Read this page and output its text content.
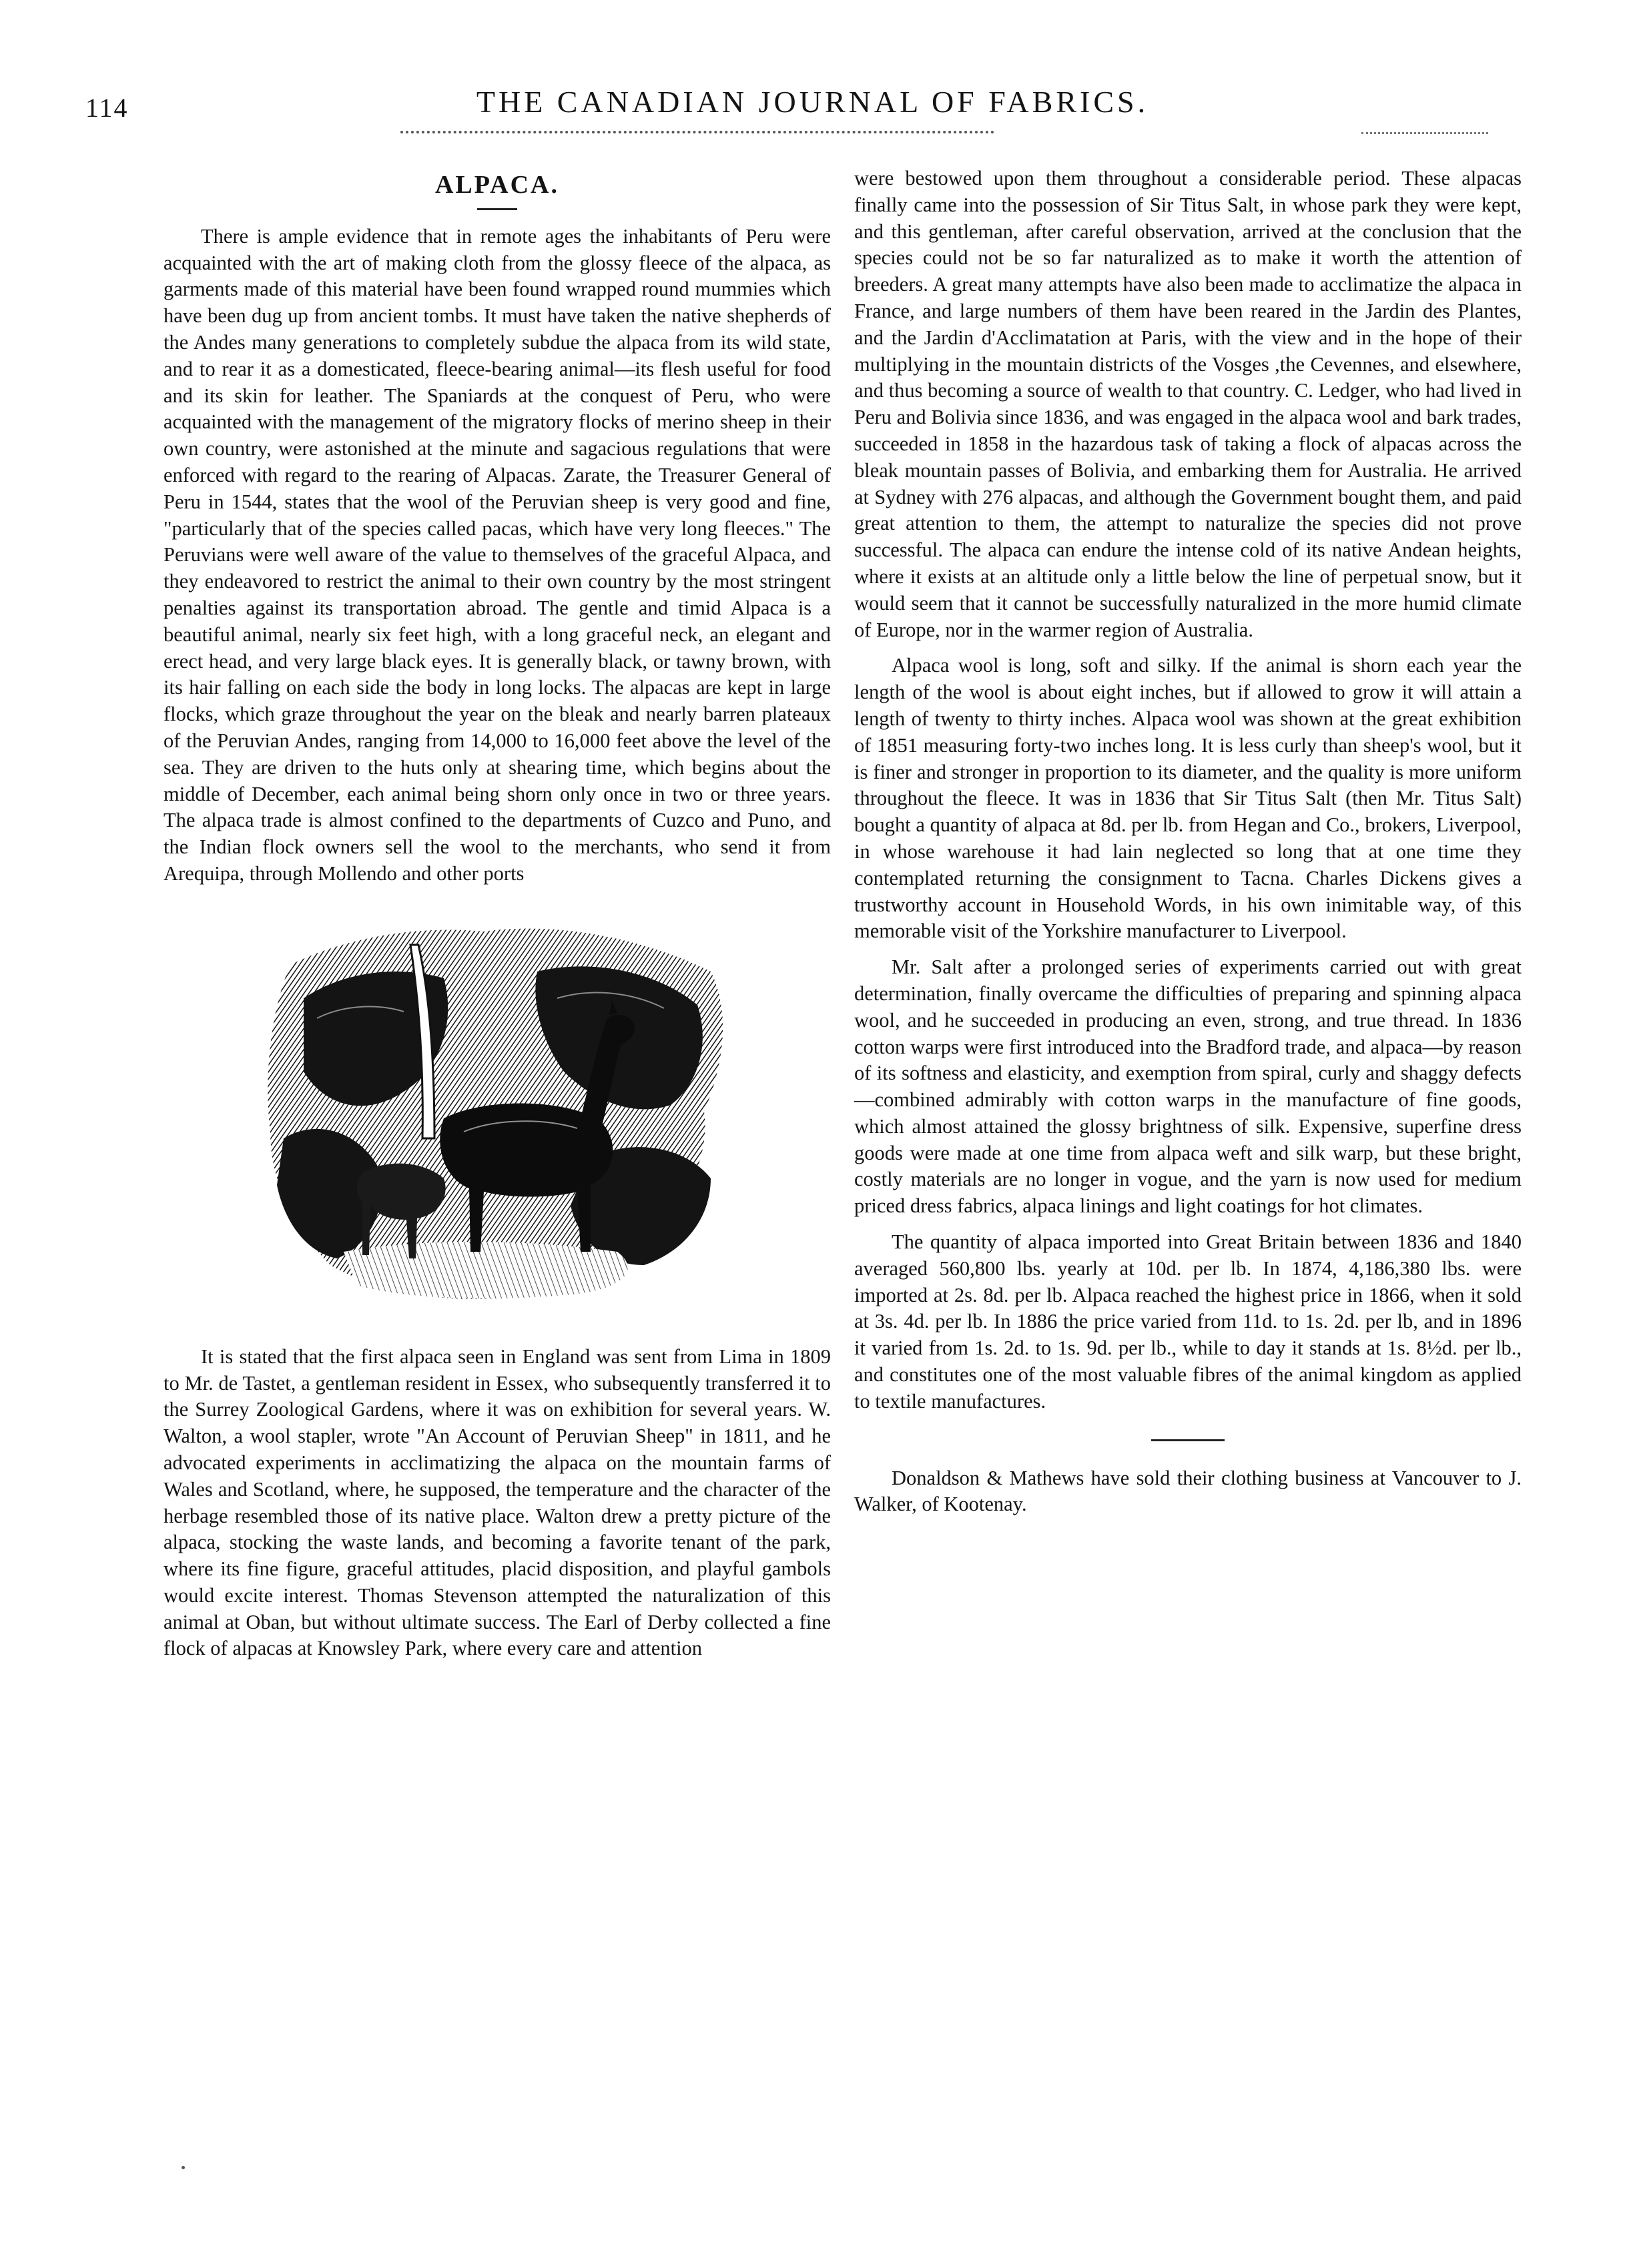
114	THE CANADIAN JOURNAL OF FABRICS.
ALPACA.

There is ample evidence that in remote ages the inhabitants of Peru were acquainted with the art of making cloth from the glossy fleece of the alpaca, as garments made of this material have been found wrapped round mummies which have been dug up from ancient tombs. It must have taken the native shepherds of the Andes many generations to completely subdue the alpaca from its wild state, and to rear it as a domesticated, fleece-bearing animal—its flesh useful for food and its skin for leather. The Spaniards at the conquest of Peru, who were acquainted with the management of the migratory flocks of merino sheep in their own country, were astonished at the minute and sagacious regulations that were enforced with regard to the rearing of Alpacas. Zarate, the Treasurer General of Peru in 1544, states that the wool of the Peruvian sheep is very good and fine, "particularly that of the species called pacas, which have very long fleeces." The Peruvians were well aware of the value to themselves of the graceful Alpaca, and they endeavored to restrict the animal to their own country by the most stringent penalties against its transportation abroad. The gentle and timid Alpaca is a beautiful animal, nearly six feet high, with a long graceful neck, an elegant and erect head, and very large black eyes. It is generally black, or tawny brown, with its hair falling on each side the body in long locks. The alpacas are kept in large flocks, which graze throughout the year on the bleak and nearly barren plateaux of the Peruvian Andes, ranging from 14,000 to 16,000 feet above the level of the sea. They are driven to the huts only at shearing time, which begins about the middle of December, each animal being shorn only once in two or three years. The alpaca trade is almost confined to the departments of Cuzco and Puno, and the Indian flock owners sell the wool to the merchants, who send it from Arequipa, through Mollendo and other ports

It is stated that the first alpaca seen in England was sent from Lima in 1809 to Mr. de Tastet, a gentleman resident in Essex, who subsequently transferred it to the Surrey Zoological Gardens, where it was on exhibition for several years. W. Walton, a wool stapler, wrote "An Account of Peruvian Sheep" in 1811, and he advocated experiments in acclimatizing the alpaca on the mountain farms of Wales and Scotland, where, he supposed, the temperature and the character of the herbage resembled those of its native place. Walton drew a pretty picture of the alpaca, stocking the waste lands, and becoming a favorite tenant of the park, where its fine figure, graceful attitudes, placid disposition, and playful gambols would excite interest. Thomas Stevenson attempted the naturalization of this animal at Oban, but without ultimate success. The Earl of Derby collected a fine flock of alpacas at Knowsley Park, where every care and attention

were bestowed upon them throughout a considerable period. These alpacas finally came into the possession of Sir Titus Salt, in whose park they were kept, and this gentleman, after careful observation, arrived at the conclusion that the species could not be so far naturalized as to make it worth the attention of breeders. A great many attempts have also been made to acclimatize the alpaca in France, and large numbers of them have been reared in the Jardin des Plantes, and the Jardin d'Acclimatation at Paris, with the view and in the hope of their multiplying in the mountain districts of the Vosges ,the Cevennes, and elsewhere, and thus becoming a source of wealth to that country. C. Ledger, who had lived in Peru and Bolivia since 1836, and was engaged in the alpaca wool and bark trades, succeeded in 1858 in the hazardous task of taking a flock of alpacas across the bleak mountain passes of Bolivia, and embarking them for Australia. He arrived at Sydney with 276 alpacas, and although the Government bought them, and paid great attention to them, the attempt to naturalize the species did not prove successful. The alpaca can endure the intense cold of its native Andean heights, where it exists at an altitude only a little below the line of perpetual snow, but it would seem that it cannot be successfully naturalized in the more humid climate of Europe, nor in the warmer region of Australia.

Alpaca wool is long, soft and silky. If the animal is shorn each year the length of the wool is about eight inches, but if allowed to grow it will attain a length of twenty to thirty inches. Alpaca wool was shown at the great exhibition of 1851 measuring forty-two inches long. It is less curly than sheep's wool, but it is finer and stronger in proportion to its diameter, and the quality is more uniform throughout the fleece. It was in 1836 that Sir Titus Salt (then Mr. Titus Salt) bought a quantity of alpaca at 8d. per lb. from Hegan and Co., brokers, Liverpool, in whose warehouse it had lain neglected so long that at one time they contemplated returning the consignment to Tacna. Charles Dickens gives a trustworthy account in Household Words, in his own inimitable way, of this memorable visit of the Yorkshire manufacturer to Liverpool.

Mr. Salt after a prolonged series of experiments carried out with great determination, finally overcame the difficulties of preparing and spinning alpaca wool, and he succeeded in producing an even, strong, and true thread. In 1836 cotton warps were first introduced into the Bradford trade, and alpaca—by reason of its softness and elasticity, and exemption from spiral, curly and shaggy defects—combined admirably with cotton warps in the manufacture of fine goods, which almost attained the glossy brightness of silk. Expensive, superfine dress goods were made at one time from alpaca weft and silk warp, but these bright, costly materials are no longer in vogue, and the yarn is now used for medium priced dress fabrics, alpaca linings and light coatings for hot climates.

The quantity of alpaca imported into Great Britain between 1836 and 1840 averaged 560,800 lbs. yearly at 10d. per lb. In 1874, 4,186,380 lbs. were imported at 2s. 8d. per lb. Alpaca reached the highest price in 1866, when it sold at 3s. 4d. per lb. In 1886 the price varied from 11d. to 1s. 2d. per lb, and in 1896 it varied from 1s. 2d. to 1s. 9d. per lb., while to day it stands at 1s. 8½d. per lb., and constitutes one of the most valuable fibres of the animal kingdom as applied to textile manufactures.

Donaldson & Mathews have sold their clothing business at Vancouver to J. Walker, of Kootenay.
